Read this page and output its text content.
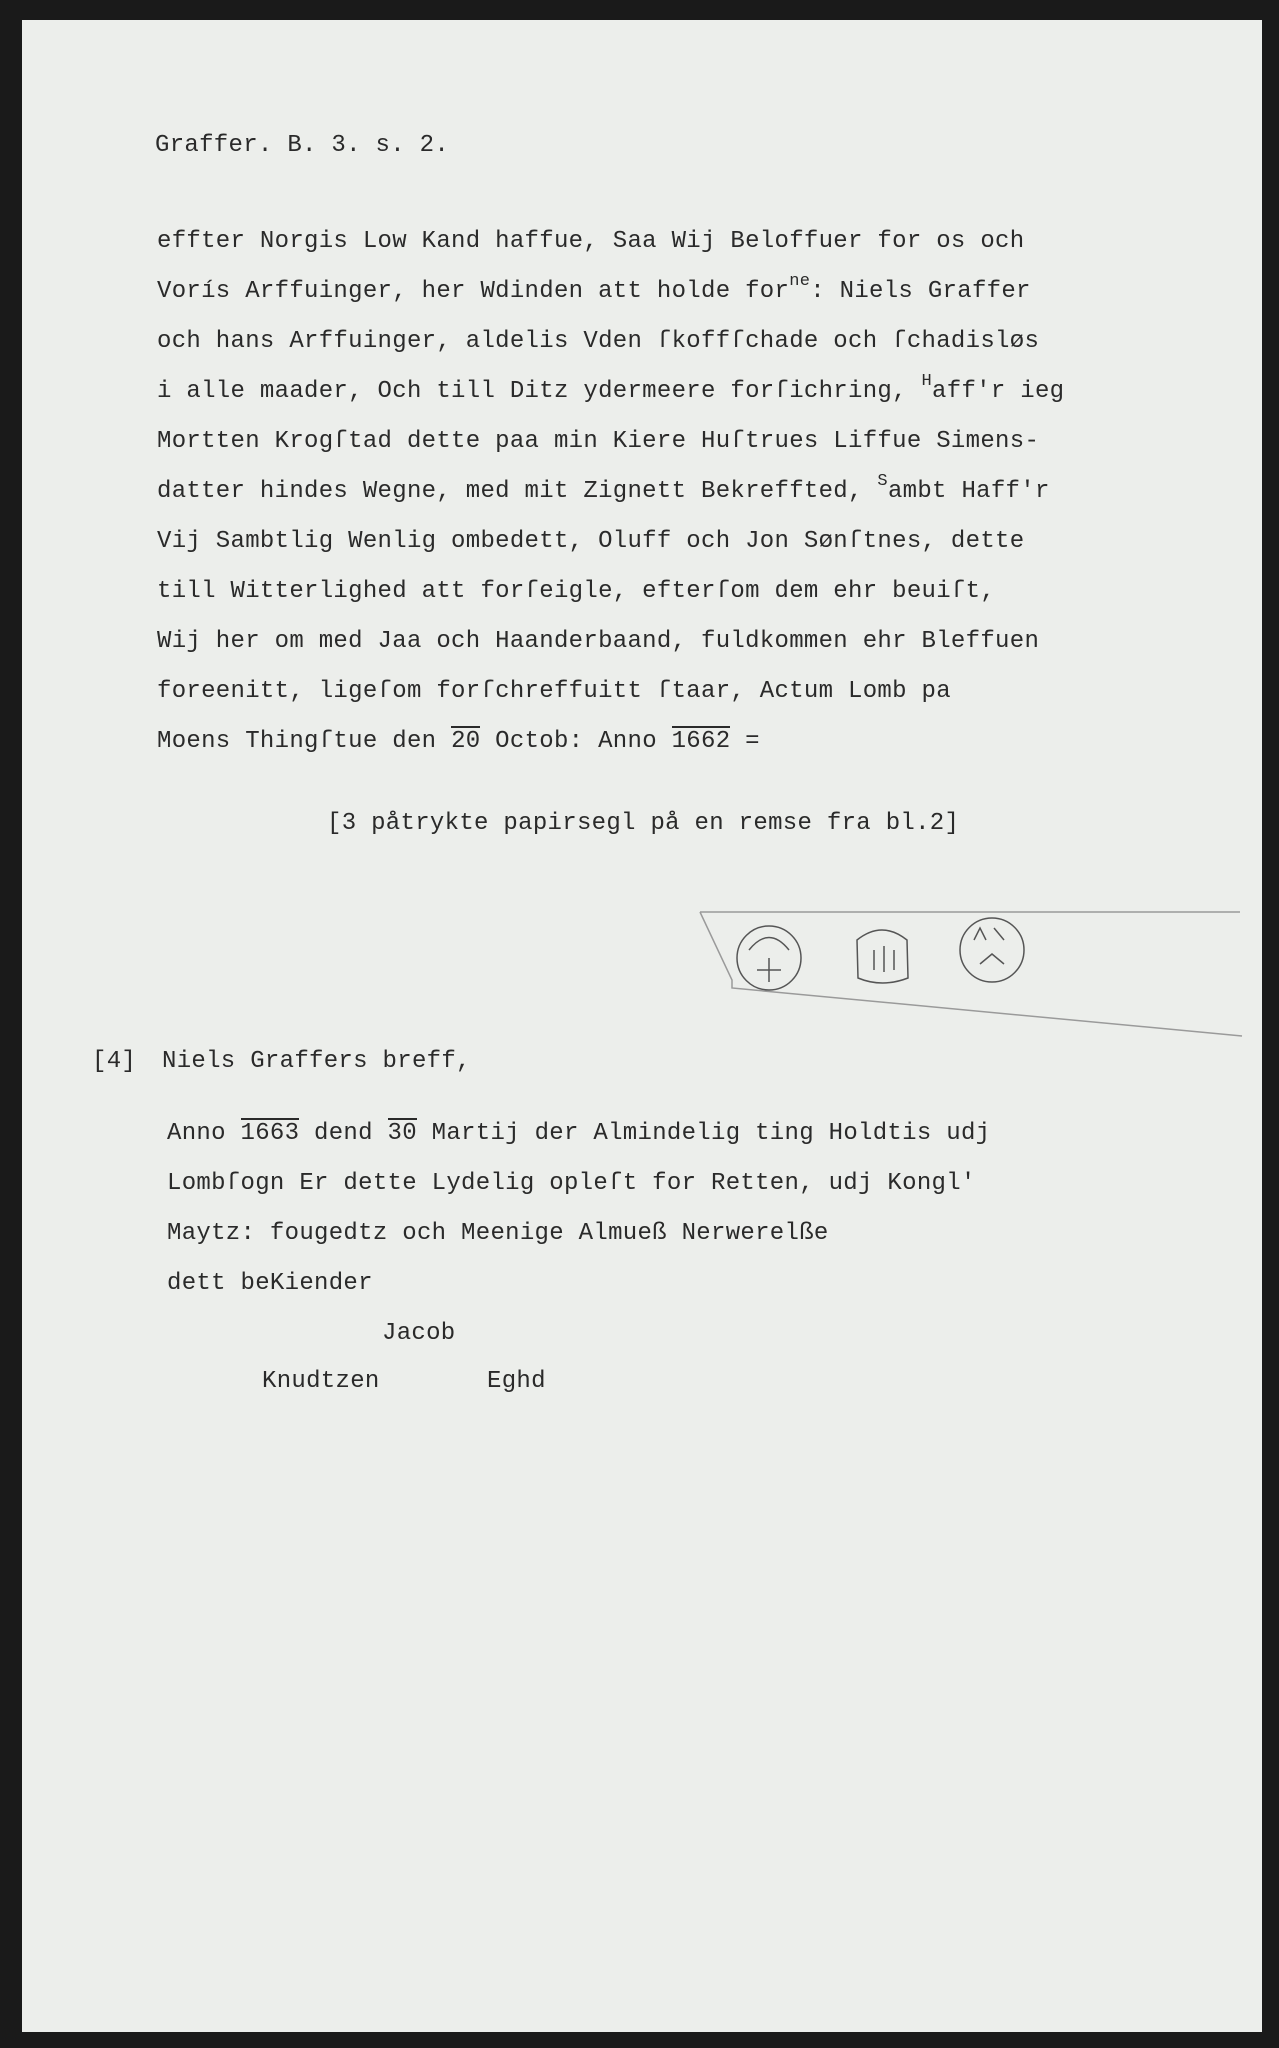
Graffer. B. 3. s. 2.
effter Norgis Low Kand haffue, Saa Wij Beloffuer for os och
Vorís Arffuinger, her Wdinden att holde for$^{ne}$: Niels Graffer
och hans Arffuinger, aldelis Vden ſkoffſchade och ſchadisløs
i alle maader, Och till Ditz ydermeere forſichring, $^H$aff'r ieg
Mortten Krogſtad dette paa min Kiere Huſtrues Liffue Simens-
datter hindes Wegne, med mit Zignett Bekreffted, $^S$ambt Haff'r
Vij Sambtlig Wenlig ombedett, Oluff och Jon Sønſtnes, dette
till Witterlighed att forſeigle, efterſom dem ehr beuiſt,
Wij her om med Jaa och Haanderbaand, fuldkommen ehr Bleffuen
foreenitt, ligeſom forſchreffuitt ſtaar, Actum Lomb pa
Moens Thingſtue den 20 Octob: Anno 1662 =
[3 påtrykte papirsegl på en remse fra bl.2]
[4] Niels Graffers breff,
Anno 1663 dend 30 Martij der Almindelig ting Holdtis udj
Lombſogn Er dette Lydelig opleſt for Retten, udj Kongl'
Maytz: fougedtz och Meenige Almueß Nerwerelße
dett beKiender
Jacob
Knudtzen	Eghd
